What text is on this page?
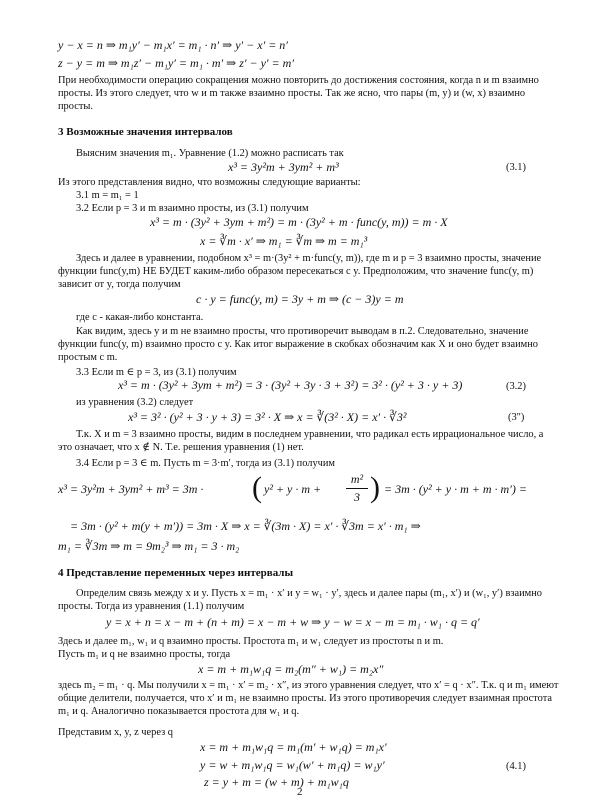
y − x = n ⇒ m₁y′ − m₁x′ = m₁ · n′ ⇒ y′ − x′ = n′
z − y = m ⇒ m₁z′ − m₁y′ = m₁ · m′ ⇒ z′ − y′ = m′
При необходимости операцию сокращения можно повторить до достижения состояния, когда n и m взаимно
просты. Из этого следует, что w и m также взаимно просты. Так же ясно, что пары (m, y) и (w, x) взаимно
просты.
3 Возможные значения интервалов
Выясним значения m₁. Уравнение (1.2) можно расписать так
x³ = 3y²m + 3ym² + m³	(3.1)
Из этого представления видно, что возможны следующие варианты:
3.1 m = m₁ = 1
3.2 Если p = 3 и m взаимно просты, из (3.1) получим
x³ = m · (3y² + 3ym + m²) = m · (3y² + m · func(y, m)) = m · X
x = ∛m · x′ ⇒ m₁ = ∛m ⇒ m = m₁³
Здесь и далее в уравнении, подобном x³ = m·(3y² + m·func(y, m)), где m и p = 3 взаимно просты, значение
функции func(y,m) НЕ БУДЕТ каким-либо образом пересекаться с y. Предположим, что значение func(y, m)
зависит от y, тогда получим
c · y = func(y, m) = 3y + m ⇒ (c − 3)y = m
где c - какая-либо константа.
Как видим, здесь y и m не взаимно просты, что противоречит выводам в п.2. Следовательно, значение
функции func(y, m) взаимно просто с y. Как итог выражение в скобках обозначим как X и оно будет взаимно
простым с m.
3.3 Если m ∈ p = 3, из (3.1) получим
x³ = m · (3y² + 3ym + m²) = 3 · (3y² + 3y · 3 + 3²) = 3² · (y² + 3 · y + 3)	(3.2)
из уравнения (3.2) следует
x³ = 3² · (y² + 3 · y + 3) = 3² · X ⇒ x = ∛(3² · X) = x′ · ∛3²	(3")
Т.к. X и m = 3 взаимно просты, видим в последнем уравнении, что радикал есть иррациональное число, а
это означает, что x ∉ N. Т.е. решения уравнения (1) нет.
3.4 Если p = 3 ∈ m. Пусть m = 3·m′, тогда из (3.1) получим
x³ = 3y²m + 3ym² + m³ = 3m · ( y² + y · m +
m²
3 ) = 3m · (y² + y · m + m · m′) =
= 3m · (y² + m(y + m′)) = 3m · X ⇒ x = ∛(3m · X) = x′ · ∛3m = x′ · m₁ ⇒
m₁ = ∛3m ⇒ m = 9m₂³ ⇒ m₁ = 3 · m₂
4 Представление переменных через интервалы
Определим связь между x и y. Пусть x = m₁ · x′ и y = w₁ · y′, здесь и далее пары (m₁, x′) и (w₁, y′) взаимно
просты. Тогда из уравнения (1.1) получим
y = x + n = x − m + (n + m) = x − m + w ⇒ y − w = x − m = m₁ · w₁ · q = q′
Здесь и далее m₁, w₁ и q взаимно просты. Простота m₁ и w₁ следует из простоты n и m.
Пусть m₁ и q не взаимно просты, тогда
x = m + m₁w₁q = m₂(m″ + w₁) = m₂x″
здесь m₂ = m₁ · q. Мы получили x = m₁ · x′ = m₂ · x″, из этого уравнения следует, что x′ = q · x″. Т.к. q и m₁ имеют
общие делители, получается, что x′ и m₁ не взаимно просты. Из этого противоречия следует взаимная простота
m₁ и q. Аналогично показывается простота для w₁ и q.
Представим x, y, z через q
x = m + m₁w₁q = m₁(m′ + w₁q) = m₁x′
y = w + m₁w₁q = w₁(w′ + m₁q) = w₁y′	(4.1)
z = y + m = (w + m) + m₁w₁q
2
